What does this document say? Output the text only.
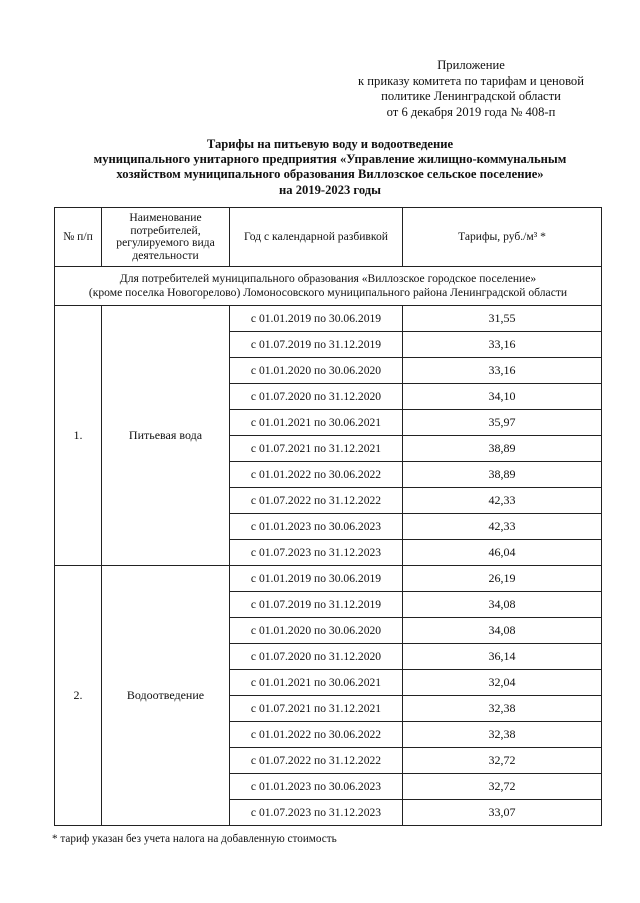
Приложение
к приказу комитета по тарифам и ценовой
политике Ленинградской области
от 6 декабря 2019 года № 408-п
Тарифы на питьевую воду и водоотведение
муниципального унитарного предприятия «Управление жилищно-коммунальным
хозяйством муниципального образования Виллозское сельское поселение»
на 2019-2023 годы
№ п/п	Наименование потребителей, регулируемого вида деятельности	Год с календарной разбивкой	Тарифы, руб./м³ *

Для потребителей муниципального образования «Виллозское городское поселение»
(кроме поселка Новогорелово) Ломоносовского муниципального района Ленинградской области			

1.	Питьевая вода	с 01.01.2019 по 30.06.2019	31,55
		с 01.07.2019 по 31.12.2019	33,16
		с 01.01.2020 по 30.06.2020	33,16
		с 01.07.2020 по 31.12.2020	34,10
		с 01.01.2021 по 30.06.2021	35,97
		с 01.07.2021 по 31.12.2021	38,89
		с 01.01.2022 по 30.06.2022	38,89
		с 01.07.2022 по 31.12.2022	42,33
		с 01.01.2023 по 30.06.2023	42,33
		с 01.07.2023 по 31.12.2023	46,04
2.	Водоотведение	с 01.01.2019 по 30.06.2019	26,19
		с 01.07.2019 по 31.12.2019	34,08
		с 01.01.2020 по 30.06.2020	34,08
		с 01.07.2020 по 31.12.2020	36,14
		с 01.01.2021 по 30.06.2021	32,04
		с 01.07.2021 по 31.12.2021	32,38
		с 01.01.2022 по 30.06.2022	32,38
		с 01.07.2022 по 31.12.2022	32,72
		с 01.01.2023 по 30.06.2023	32,72
		с 01.07.2023 по 31.12.2023	33,07
* тариф указан без учета налога на добавленную стоимость
